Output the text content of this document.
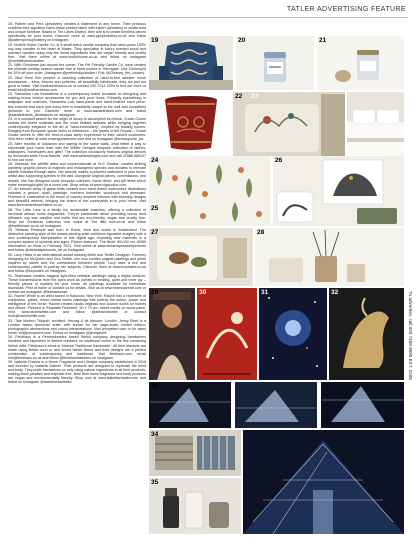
TATLER ADVERTISING FEATURE

19. Pattern and Print Upholstery creates a statement in any home. Their precious combine their signature hand-drawn printed fabric with expert upholstery to create bold and unique furniture. Based in The Lakes District, their aim is to create timeless pieces specifically for your home. Discover more at www.pipupholstery.co.uk and follow @patternprintupholstery on Instagram.

20. Norfolk Home Candle Co. is a small-batch candle company that hand pours 100% soy wax candles in the heart of Wales. They specialise in luxury scented wood and scented candles using only the finest ingredients that are vegan friendly and cruelty free. Visit them online at www.norfolkhome.co.uk and follow on Instagram @norfolkhomecandles.

21. With Christmas just around the corner, The Pet Friendly Candle Co. have created the ultimate holiday season candle that is hand poured in Harrogate. Use Chutney20 for 20% off your order. (Instagram @petfriendlycandles / Fbk: @Chutney_the_cocker).

22. Mud Hove Bro present a stunning collection of hand-to-find sweater home accessories – trims, fixtures and potteries, all beautifully handmade, they are just too good to foster. Visit mudhaveblow.co.uk or contact 020 3744 2394 to find out more or email info@mudhaveblow.com.

23. Samantha Lois Illustrations is a contemporary brand focussed on designing and making luxury interior accessories for you and your home. Primarily specialising in wallpaper and cushions, Samantha Lois hand-paints and hand-finishes each piece, this ensures that each and every item is beautifully unique to the well and completely personal to you. Discover more at www.samanthalois.com and follow @samanthalois_illustrations on Instagram.

24. In a constant search for the origin of luxury to accomplish its revival, Crown Goose selects the finest materials and the most brilliant artisans while bringing together contemporary elegance to the art of ‘hand-embroidery’, inspired by leading homes. Ranging from European goose down to eiderdown – the jewels of the Royals – Crown Goose strives to offer the best-in-class sleep experience to their valued customers. Visit them online at www.crowngoosehome.com and on Instagram @crowngoose_pa.

25. After months of lockdown and staring at the same walls, what better a way to rejuvenate your home than with the Wilder Designs bespoke collection of fabrics, wallpapers, homewares and gifts? The collection exclusively features original artwork by renowned artist Fiona Barnett. Visit www.wilderdesigns.com and call 07886 685107 to find out more.

26. Vanessa, the wildlife artist and conservationist at VLG Studios, creates striking painterly, graphic pieces of majestic and endangered species and donates to relevant wildlife charities through sales. Her artwork makes a powerful statement in your home, whilst also supporting species in the wild. Alongside original pieces, commissions, and murals, she has designed some bespoke cushions, home décor, and gift items which make meaningful gifts for a loved one. Shop online at www.vlgstudios.com.

27. An eclectic array of game birds created from hand drawn watercolour illustrations includes a grouse, quail, partridge, northern bobwhite, woodcock and pheasant. Florence & Lowenstine is the home of country inspired interiors with stunning designs and beautiful artwork, bringing the charm of the countryside in to your home. Visit www.florenceandlowenstine.co.uk.

28. The Little Luxe is a family run sustainable business, offering a collection of luxurious artisan home fragrances. They’re passionate about providing luxury reed diffusers, soy wax candles and melts that are eco-friendly, vegan and cruelty free. Shop the Christmas collection now online at The little luxe.co.uk and follow @thelittleluxe.co.uk on Instagram.

29. Stefania Pessione was born in Rome, lives and works in Switzerland. The distinctive painting style of the award-winning artist combines figurative imagery with a new contemporary interpretation of this digital age, exploring new materials in a complex system of symbols and signs. Picture featured: ‘The Bride’ 50x100 cm. 60/60 Information on show in February 2021. Visit online at www.stefaniapessionepictures and follow @stefaniapessione_art on Instagram.

30. Lucy Hales is an international award winning Artist and Textile Designer. Formerly designing for McQueen and Zinc Textile, she now creates original paintings and prints inspired by nature and the connections between people, Lucy uses a rich and contemporary palette to portray her subjects. Discover more at www.lucyhales.co.uk and follow @lucyhales on Instagram.

31. Teamwave creates magical light-filled celestial paintings using a digital medium. These transmissions from the stars work as portals to healing, quiet and inner joy – friendly pieces of mystery for your home. All paintings available for immediate download. Print at home or contact us for details. Visit us at www.teamwaveart.com or contact via Instagram @teamwaveart.

32. Rachel White is an artist based in Kaikoura, New York. Rachel has a repertoire of expressive, gilded, mixed media works paintings that portray the action, power and intelligence of the horse. Rachel creates studio originals and custom works for homes and offices. Pictured is ‘Exquisite Restraint’, 50 x 70 cm, mixed media on wood panel. Visit www.rachelwhite.com and follow @artrachelwhite or contact hello@rachelwhite.com.

33. ‘Tale Modern Triptych’ architect: Hecrag & de Meuron; London. Jenny Ekert is a London based American artist, well known for her large-scale, limited edition, photographic abstractions and cutout interpretations. Visit jennyekert.com or for sales email: art@jennyekert.com. Follow on Instagram @jennyekert.

34. Fieldhaus is a Pembrokeshire based Welsh company designing handwoven blankets and tapestries in limited numbers on traditional looms in the few remaining Welsh mills. Fieldhaus’s ethos is ‘Natural Traditional Handmade’. All their blankets are made using British wool or rare breed Welsh fleece and their designs are a perfect combination of contemporary and traditional. Visit fieldhaus.com, email info@fieldhaus.co.uk and follow @fieldhausblankets on Instagram.

35. Isabella Charles is a Home Fragrance and Lifestyle company established in 2018 and founded by Isabella Gabriel. Their products are designed to replenish the mind and body. They pride themselves on only using natural ingredients in all their products, making them paraben and sulphate free. Both their home fragrance and body products are vegan and environmentally friendly. Shop now at www.isabellacharles.com and follow on Instagram @isabellacharlesltd.

To advertise, call 020 7499 9080 EXT. 2205
19	20	21
22 23
24
25
26
27	28
28	30	31	32
33
34
35
